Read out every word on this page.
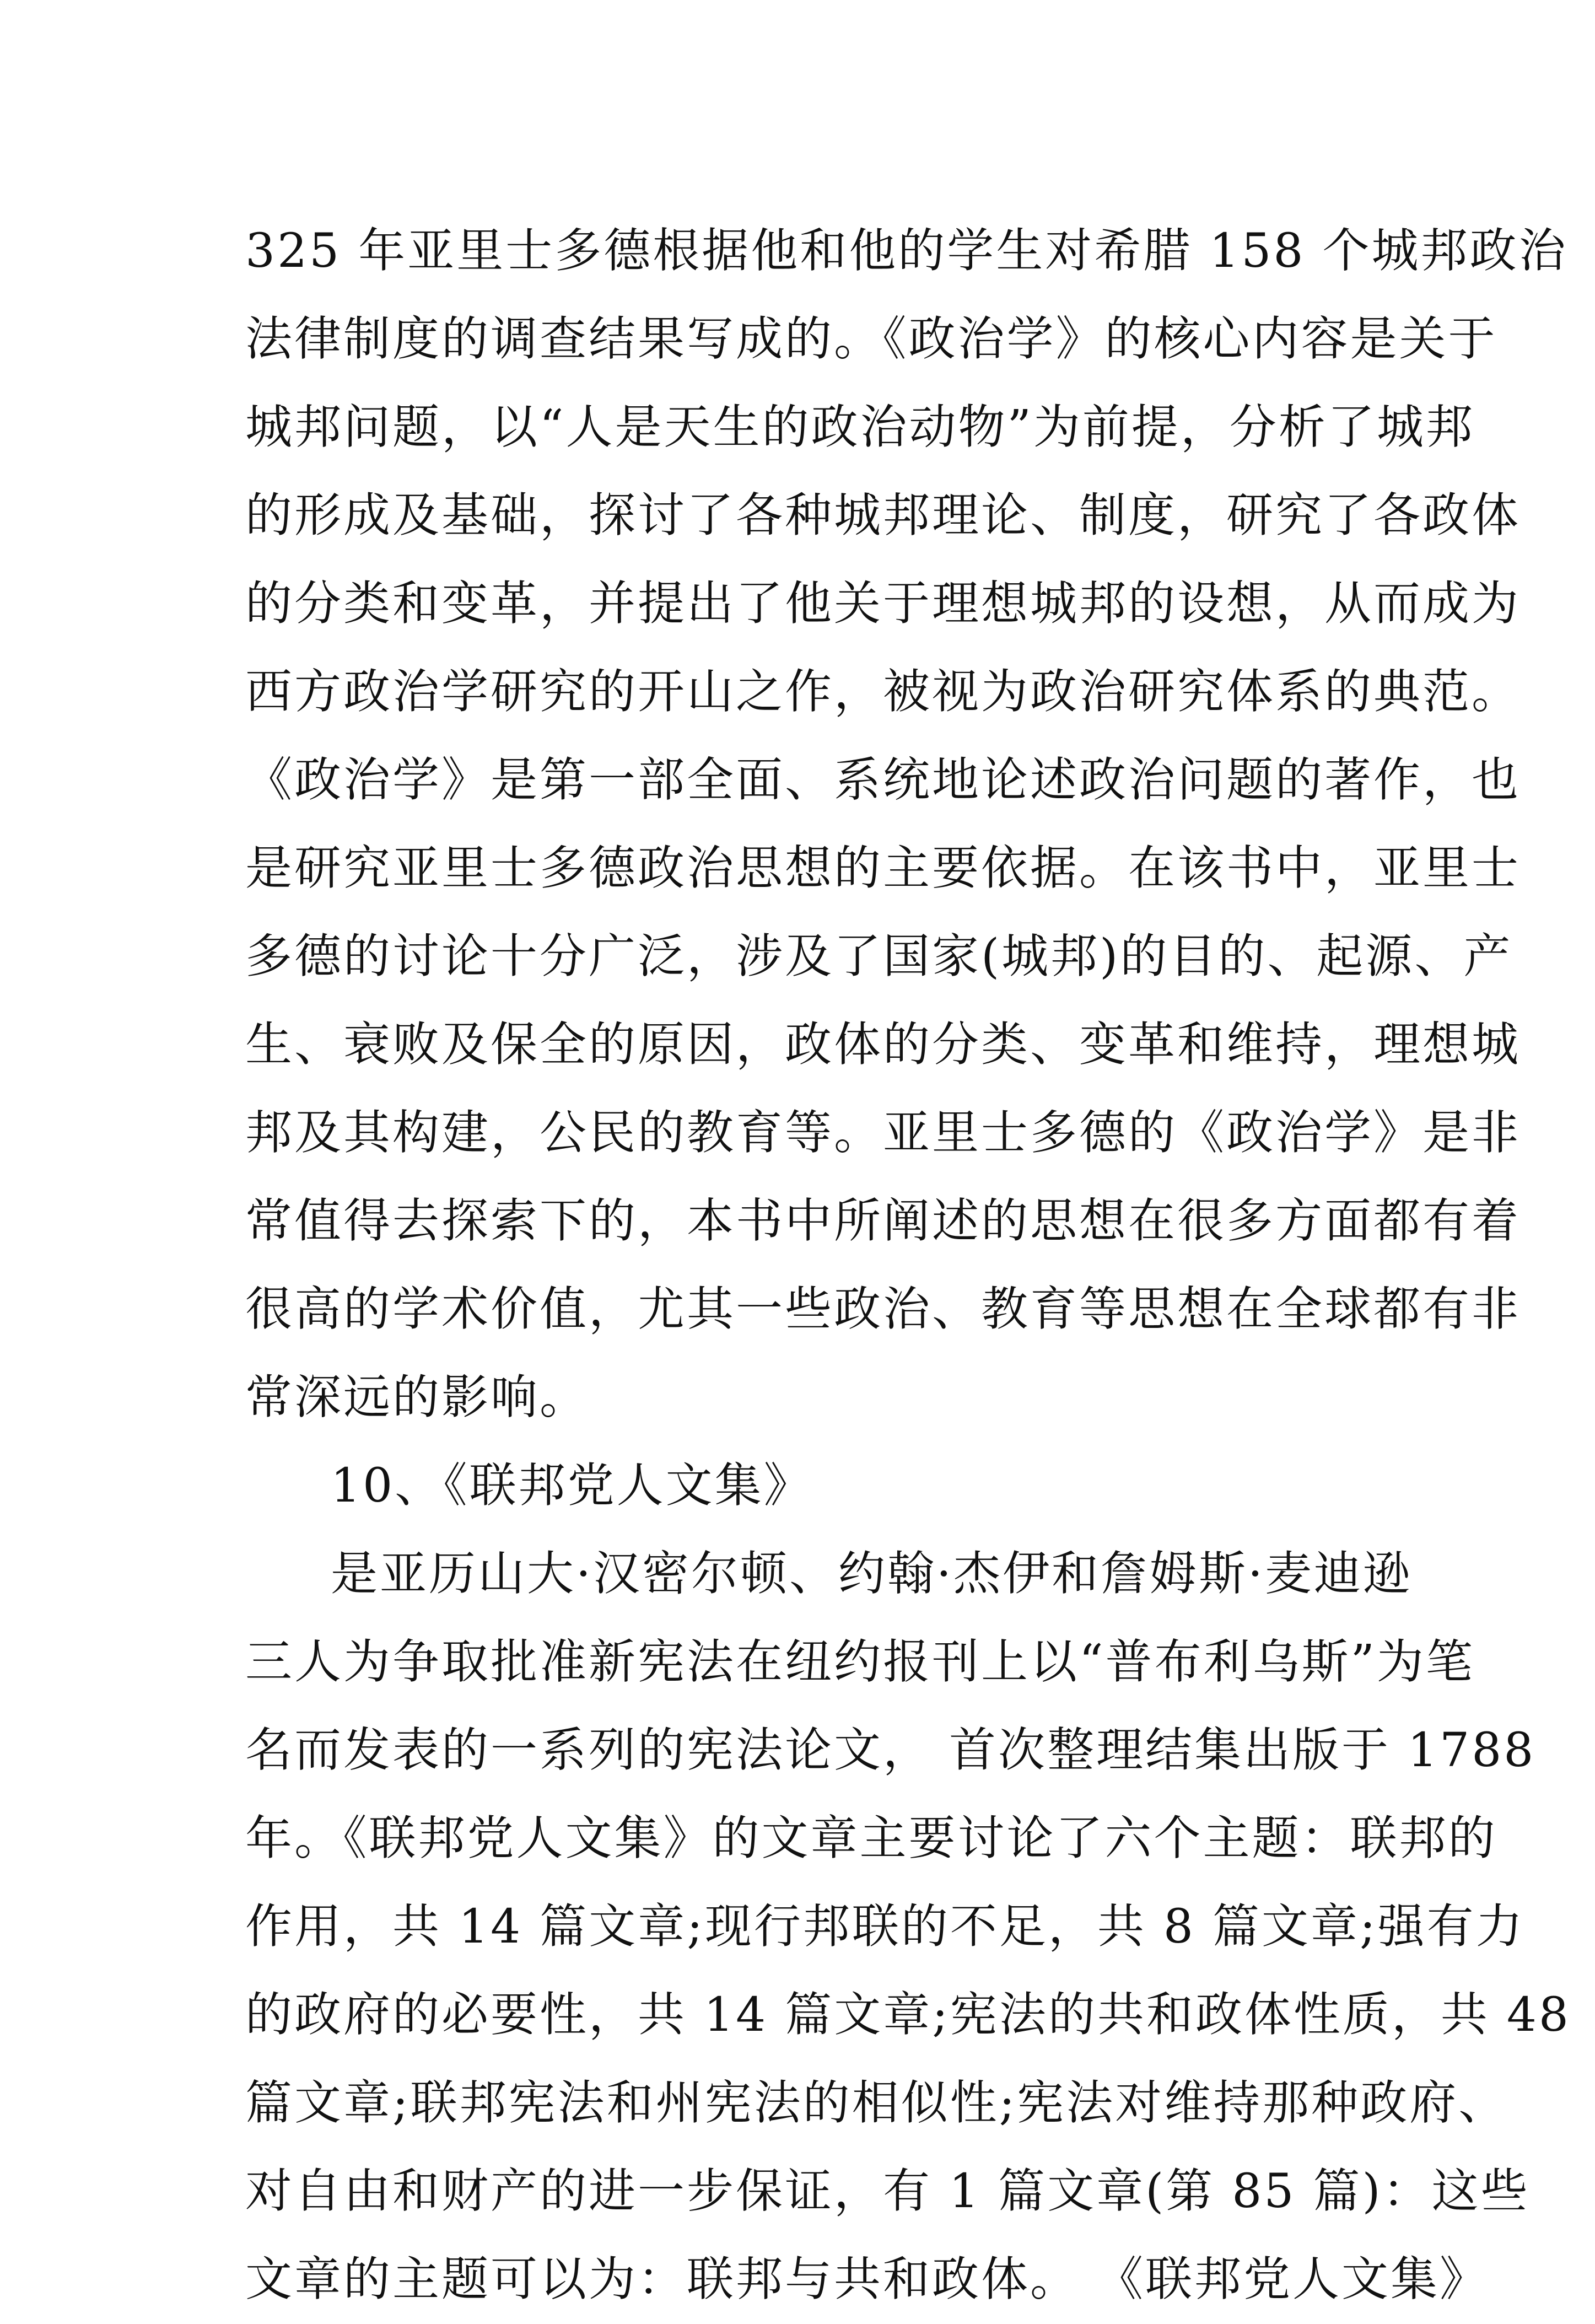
325 年亚里士多德根据他和他的学生对希腊 158 个城邦政治
法律制度的调查结果写成的。《政治学》的核心内容是关于
城邦问题，以“人是天生的政治动物”为前提，分析了城邦
的形成及基础，探讨了各种城邦理论、制度，研究了各政体
的分类和变革，并提出了他关于理想城邦的设想，从而成为
西方政治学研究的开山之作，被视为政治研究体系的典范。
《政治学》是第一部全面、系统地论述政治问题的著作，也
是研究亚里士多德政治思想的主要依据。在该书中，亚里士
多德的讨论十分广泛，涉及了国家(城邦)的目的、起源、产
生、衰败及保全的原因，政体的分类、变革和维持，理想城
邦及其构建，公民的教育等。亚里士多德的《政治学》是非
常值得去探索下的，本书中所阐述的思想在很多方面都有着
很高的学术价值，尤其一些政治、教育等思想在全球都有非
常深远的影响。
10、《联邦党人文集》
是亚历山大·汉密尔顿、约翰·杰伊和詹姆斯·麦迪逊
三人为争取批准新宪法在纽约报刊上以“普布利乌斯”为笔
名而发表的一系列的宪法论文， 首次整理结集出版于 1788
年。《联邦党人文集》的文章主要讨论了六个主题：联邦的
作用，共 14 篇文章;现行邦联的不足，共 8 篇文章;强有力
的政府的必要性，共 14 篇文章;宪法的共和政体性质，共 48
篇文章;联邦宪法和州宪法的相似性;宪法对维持那种政府、
对自由和财产的进一步保证，有 1 篇文章(第 85 篇)：这些
文章的主题可以为：联邦与共和政体。 《联邦党人文集》
